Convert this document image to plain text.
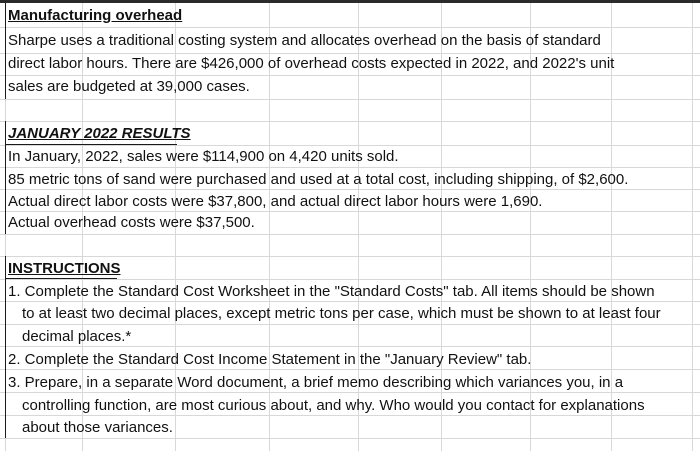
Manufacturing overhead
Sharpe uses a traditional costing system and allocates overhead on the basis of standard
direct labor hours. There are $426,000 of overhead costs expected in 2022, and 2022's unit
sales are budgeted at 39,000 cases.
JANUARY 2022 RESULTS
In January, 2022, sales were $114,900 on 4,420 units sold.
85 metric tons of sand were purchased and used at a total cost, including shipping, of $2,600.
Actual direct labor costs were $37,800, and actual direct labor hours were 1,690.
Actual overhead costs were $37,500.
INSTRUCTIONS
1. Complete the Standard Cost Worksheet in the "Standard Costs" tab. All items should be shown
to at least two decimal places, except metric tons per case, which must be shown to at least four
decimal places.*
2. Complete the Standard Cost Income Statement in the "January Review" tab.
3. Prepare, in a separate Word document, a brief memo describing which variances you, in a
controlling function, are most curious about, and why. Who would you contact for explanations
about those variances.
